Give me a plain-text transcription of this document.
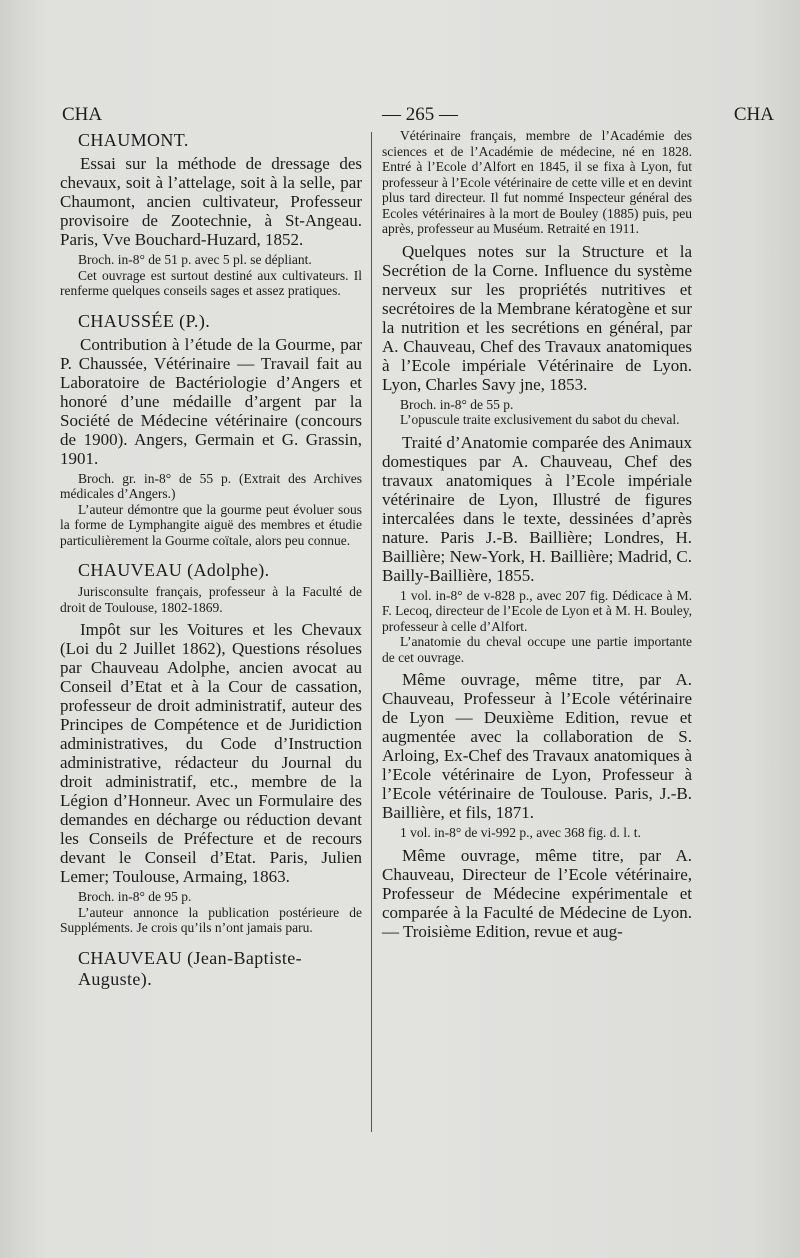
CHA	— 265 —	CHA

CHAUMONT.

Essai sur la méthode de dressage des chevaux, soit à l’attelage, soit à la selle, par Chaumont, ancien cultivateur, Professeur provisoire de Zootechnie, à St-Angeau. Paris, Vve Bouchard-Huzard, 1852.

Broch. in-8° de 51 p. avec 5 pl. se dépliant.

Cet ouvrage est surtout destiné aux cultivateurs. Il renferme quelques conseils sages et assez pratiques.

CHAUSSÉE (P.).

Contribution à l’étude de la Gourme, par P. Chaussée, Vétérinaire — Travail fait au Laboratoire de Bactériologie d’Angers et honoré d’une médaille d’argent par la Société de Médecine vétérinaire (concours de 1900). Angers, Germain et G. Grassin, 1901.

Broch. gr. in-8° de 55 p. (Extrait des Archives médicales d’Angers.)

L’auteur démontre que la gourme peut évoluer sous la forme de Lymphangite aiguë des membres et étudie particulièrement la Gourme coïtale, alors peu connue.

CHAUVEAU (Adolphe).

Jurisconsulte français, professeur à la Faculté de droit de Toulouse, 1802-1869.

Impôt sur les Voitures et les Chevaux (Loi du 2 Juillet 1862), Questions résolues par Chauveau Adolphe, ancien avocat au Conseil d’Etat et à la Cour de cassation, professeur de droit administratif, auteur des Principes de Compétence et de Juridiction administratives, du Code d’Instruction administrative, rédacteur du Journal du droit administratif, etc., membre de la Légion d’Honneur. Avec un Formulaire des demandes en décharge ou réduction devant les Conseils de Préfecture et de recours devant le Conseil d’Etat. Paris, Julien Lemer; Toulouse, Armaing, 1863.

Broch. in-8° de 95 p.

L’auteur annonce la publication postérieure de Suppléments. Je crois qu’ils n’ont jamais paru.

CHAUVEAU (Jean-Baptiste-Auguste).

Vétérinaire français, membre de l’Académie des sciences et de l’Académie de médecine, né en 1828. Entré à l’Ecole d’Alfort en 1845, il se fixa à Lyon, fut professeur à l’Ecole vétérinaire de cette ville et en devint plus tard directeur. Il fut nommé Inspecteur général des Ecoles vétérinaires à la mort de Bouley (1885) puis, peu après, professeur au Muséum. Retraité en 1911.

Quelques notes sur la Structure et la Secrétion de la Corne. Influence du système nerveux sur les propriétés nutritives et secrétoires de la Membrane kératogène et sur la nutrition et les secrétions en général, par A. Chauveau, Chef des Travaux anatomiques à l’Ecole impériale Vétérinaire de Lyon. Lyon, Charles Savy jne, 1853.

Broch. in-8° de 55 p.

L’opuscule traite exclusivement du sabot du cheval.

Traité d’Anatomie comparée des Animaux domestiques par A. Chauveau, Chef des travaux anatomiques à l’Ecole impériale vétérinaire de Lyon, Illustré de figures intercalées dans le texte, dessinées d’après nature. Paris J.-B. Baillière; Londres, H. Baillière; New-York, H. Baillière; Madrid, C. Bailly-Baillière, 1855.

1 vol. in-8° de v-828 p., avec 207 fig. Dédicace à M. F. Lecoq, directeur de l’Ecole de Lyon et à M. H. Bouley, professeur à celle d’Alfort.

L’anatomie du cheval occupe une partie importante de cet ouvrage.

Même ouvrage, même titre, par A. Chauveau, Professeur à l’Ecole vétérinaire de Lyon — Deuxième Edition, revue et augmentée avec la collaboration de S. Arloing, Ex-Chef des Travaux anatomiques à l’Ecole vétérinaire de Lyon, Professeur à l’Ecole vétérinaire de Toulouse. Paris, J.-B. Baillière, et fils, 1871.

1 vol. in-8° de vi-992 p., avec 368 fig. d. l. t.

Même ouvrage, même titre, par A. Chauveau, Directeur de l’Ecole vétérinaire, Professeur de Médecine expérimentale et comparée à la Faculté de Médecine de Lyon. — Troisième Edition, revue et aug-
